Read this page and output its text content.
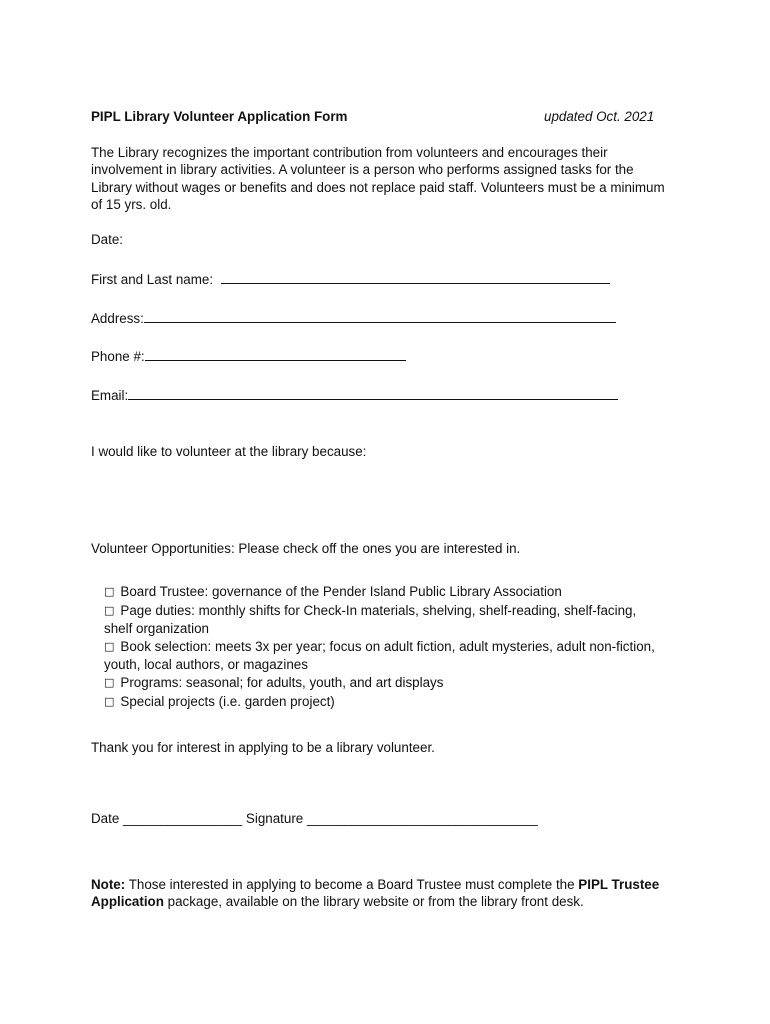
PIPL Library Volunteer Application Form	updated Oct. 2021
The Library recognizes the important contribution from volunteers and encourages their involvement in library activities. A volunteer is a person who performs assigned tasks for the Library without wages or benefits and does not replace paid staff. Volunteers must be a minimum of 15 yrs. old.
Date:
First and Last name:
Address:
Phone #:
Email:
I would like to volunteer at the library because:
Volunteer Opportunities: Please check off the ones you are interested in.
□ Board Trustee: governance of the Pender Island Public Library Association
□ Page duties: monthly shifts for Check-In materials, shelving, shelf-reading, shelf-facing,
shelf organization
□ Book selection: meets 3x per year; focus on adult fiction, adult mysteries, adult non-fiction,
youth, local authors, or magazines
□ Programs: seasonal; for adults, youth, and art displays
□ Special projects (i.e. garden project)
Thank you for interest in applying to be a library volunteer.
Date ________________ Signature _______________________________
Note: Those interested in applying to become a Board Trustee must complete the PIPL Trustee Application package, available on the library website or from the library front desk.
